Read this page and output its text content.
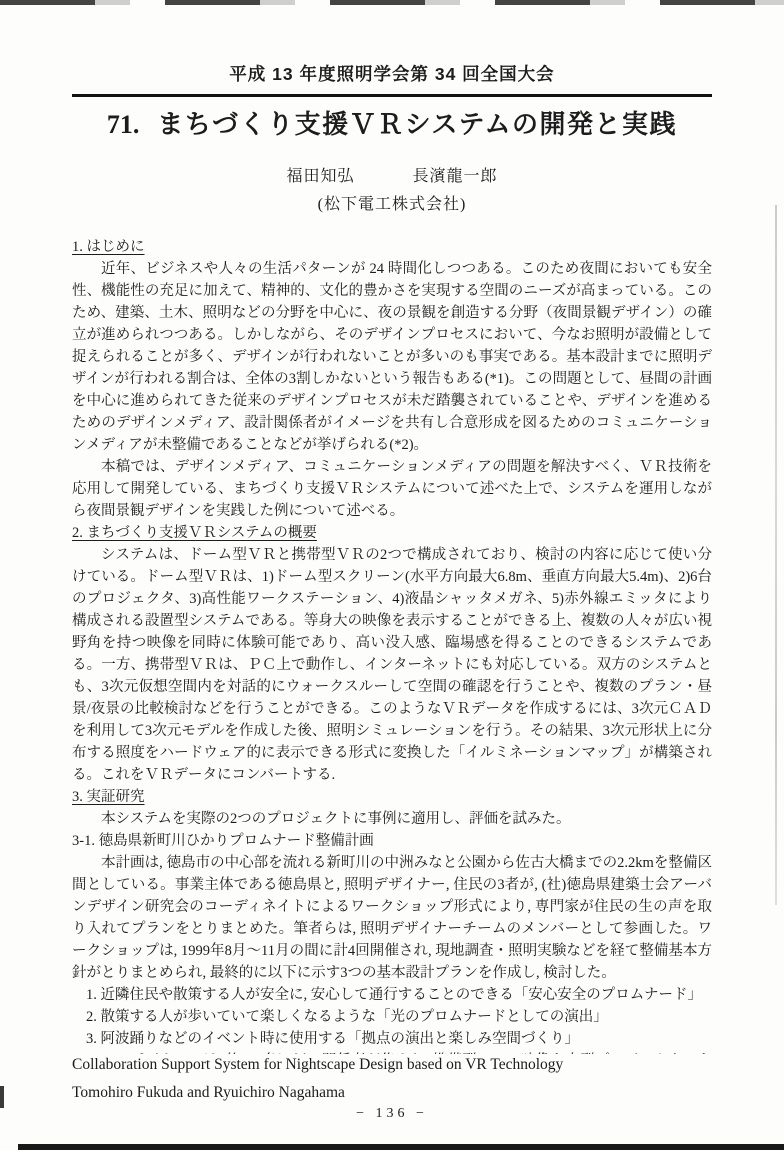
平成 13 年度照明学会第 34 回全国大会
71. まちづくり支援ＶＲシステムの開発と実践
福田知弘	長濱龍一郎
(松下電工株式会社)
1. はじめに

近年、ビジネスや人々の生活パターンが 24 時間化しつつある。このため夜間においても安全性、機能性の充足に加えて、精神的、文化的豊かさを実現する空間のニーズが高まっている。このため、建築、土木、照明などの分野を中心に、夜の景観を創造する分野（夜間景観デザイン）の確立が進められつつある。しかしながら、そのデザインプロセスにおいて、今なお照明が設備として捉えられることが多く、デザインが行われないことが多いのも事実である。基本設計までに照明デザインが行われる割合は、全体の3割しかないという報告もある(*1)。この問題として、昼間の計画を中心に進められてきた従来のデザインプロセスが未だ踏襲されていることや、デザインを進めるためのデザインメディア、設計関係者がイメージを共有し合意形成を図るためのコミュニケーションメディアが未整備であることなどが挙げられる(*2)。

本稿では、デザインメディア、コミュニケーションメディアの問題を解決すべく、ＶＲ技術を応用して開発している、まちづくり支援ＶＲシステムについて述べた上で、システムを運用しながら夜間景観デザインを実践した例について述べる。

2. まちづくり支援ＶＲシステムの概要

システムは、ドーム型ＶＲと携帯型ＶＲの2つで構成されており、検討の内容に応じて使い分けている。ドーム型ＶＲは、1)ドーム型スクリーン(水平方向最大6.8m、垂直方向最大5.4m)、2)6台のプロジェクタ、3)高性能ワークステーション、4)液晶シャッタメガネ、5)赤外線エミッタにより構成される設置型システムである。等身大の映像を表示することができる上、複数の人々が広い視野角を持つ映像を同時に体験可能であり、高い没入感、臨場感を得ることのできるシステムである。一方、携帯型ＶＲは、ＰＣ上で動作し、インターネットにも対応している。双方のシステムとも、3次元仮想空間内を対話的にウォークスルーして空間の確認を行うことや、複数のプラン・昼景/夜景の比較検討などを行うことができる。このようなＶＲデータを作成するには、3次元ＣＡＤを利用して3次元モデルを作成した後、照明シミュレーションを行う。その結果、3次元形状上に分布する照度をハードウェア的に表示できる形式に変換した「イルミネーションマップ」が構築される。これをＶＲデータにコンバートする.

3. 実証研究

本システムを実際の2つのプロジェクトに事例に適用し、評価を試みた。

3-1. 徳島県新町川ひかりプロムナード整備計画

本計画は, 徳島市の中心部を流れる新町川の中洲みなと公園から佐古大橋までの2.2kmを整備区間としている。事業主体である徳島県と, 照明デザイナー, 住民の3者が, (社)徳島県建築士会アーバンデザイン研究会のコーディネイトによるワークショップ形式により, 専門家が住民の生の声を取り入れてプランをとりまとめた。筆者らは, 照明デザイナーチームのメンバーとして参画した。ワークショップは, 1999年8月～11月の間に計4回開催され, 現地調査・照明実験などを経て整備基本方針がとりまとめられ, 最終的に以下に示す3つの基本設計プランを作成し, 検討した。

1. 近隣住民や散策する人が安全に, 安心して通行することのできる「安心安全のプロムナード」
2. 散策する人が歩いていて楽しくなるような「光のプロムナードとしての演出」
3. 阿波踊りなどのイベント時に使用する「拠点の演出と楽しみ空間づくり」

Collaboration Support System for Nightscape Design based on VR Technology
Tomohiro Fukuda and Ryuichiro Nagahama
− 136 −
